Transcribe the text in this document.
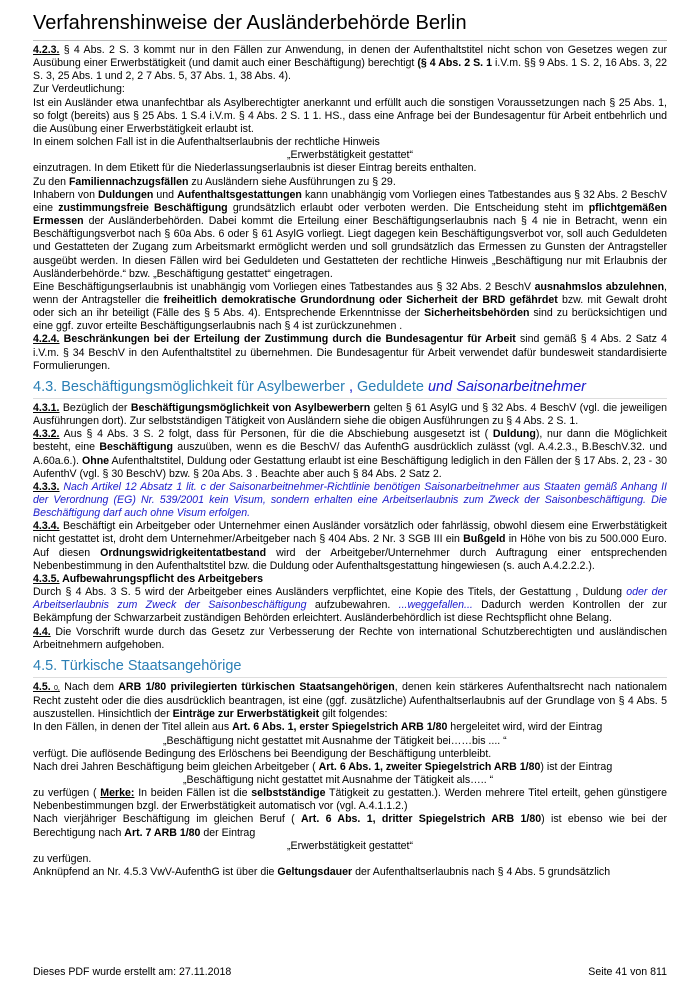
Verfahrenshinweise der Ausländerbehörde Berlin

4.2.3. § 4 Abs. 2 S. 3 kommt nur in den Fällen zur Anwendung, in denen der Aufenthaltstitel nicht schon von Gesetzes wegen zur Ausübung einer Erwerbstätigkeit (und damit auch einer Beschäftigung) berechtigt (§ 4 Abs. 2 S. 1 i.V.m. §§ 9 Abs. 1 S. 2, 16 Abs. 3, 22 S. 3, 25 Abs. 1 und 2, 2 7 Abs. 5, 37 Abs. 1, 38 Abs. 4).

Zur Verdeutlichung:

Ist ein Ausländer etwa unanfechtbar als Asylberechtigter anerkannt und erfüllt auch die sonstigen Voraussetzungen nach § 25 Abs. 1, so folgt (bereits) aus § 25 Abs. 1 S.4 i.V.m. § 4 Abs. 2 S. 1 1. HS., dass eine Anfrage bei der Bundesagentur für Arbeit entbehrlich und die Ausübung einer Erwerbstätigkeit erlaubt ist.

In einem solchen Fall ist in die Aufenthaltserlaubnis der rechtliche Hinweis

„Erwerbstätigkeit gestattet“

einzutragen. In dem Etikett für die Niederlassungserlaubnis ist dieser Eintrag bereits enthalten.

Zu den Familiennachzugsfällen zu Ausländern siehe Ausführungen zu § 29.

Inhabern von Duldungen und Aufenthaltsgestattungen kann unabhängig vom Vorliegen eines Tatbestandes aus § 32 Abs. 2 BeschV eine zustimmungsfreie Beschäftigung grundsätzlich erlaubt oder verboten werden. Die Entscheidung steht im pflichtgemäßen Ermessen der Ausländerbehörden. Dabei kommt die Erteilung einer Beschäftigungserlaubnis nach § 4 nie in Betracht, wenn ein Beschäftigungsverbot nach § 60a Abs. 6 oder § 61 AsylG vorliegt. Liegt dagegen kein Beschäftigungsverbot vor, soll auch Geduldeten und Gestatteten der Zugang zum Arbeitsmarkt ermöglicht werden und soll grundsätzlich das Ermessen zu Gunsten der Antragsteller ausgeübt werden. In diesen Fällen wird bei Geduldeten und Gestatteten der rechtliche Hinweis „Beschäftigung nur mit Erlaubnis der Ausländerbehörde.“ bzw. „Beschäftigung gestattet“ eingetragen.

Eine Beschäftigungserlaubnis ist unabhängig vom Vorliegen eines Tatbestandes aus § 32 Abs. 2 BeschV ausnahmslos abzulehnen, wenn der Antragsteller die freiheitlich demokratische Grundordnung oder Sicherheit der BRD gefährdet bzw. mit Gewalt droht oder sich an ihr beteiligt (Fälle des § 5 Abs. 4). Entsprechende Erkenntnisse der Sicherheitsbehörden sind zu berücksichtigen und eine ggf. zuvor erteilte Beschäftigungserlaubnis nach § 4 ist zurückzunehmen .

4.2.4. Beschränkungen bei der Erteilung der Zustimmung durch die Bundesagentur für Arbeit sind gemäß § 4 Abs. 2 Satz 4 i.V.m. § 34 BeschV in den Aufenthaltstitel zu übernehmen. Die Bundesagentur für Arbeit verwendet dafür bundesweit standardisierte Formulierungen.

4.3. Beschäftigungsmöglichkeit für Asylbewerber , Geduldete und Saisonarbeitnehmer

4.3.1. Bezüglich der Beschäftigungsmöglichkeit von Asylbewerbern gelten § 61 AsylG und § 32 Abs. 4 BeschV (vgl. die jeweiligen Ausführungen dort). Zur selbstständigen Tätigkeit von Ausländern siehe die obigen Ausführungen zu § 4 Abs. 2 S. 1.

4.3.2. Aus § 4 Abs. 3 S. 2 folgt, dass für Personen, für die die Abschiebung ausgesetzt ist ( Duldung), nur dann die Möglichkeit besteht, eine Beschäftigung auszuüben, wenn es die BeschV/ das AufenthG ausdrücklich zulässt (vgl. A.4.2.3., B.BeschV.32. und A.60a.6.). Ohne Aufenthaltstitel, Duldung oder Gestattung erlaubt ist eine Beschäftigung lediglich in den Fällen der § 17 Abs. 2, 23 - 30 AufenthV (vgl. § 30 BeschV) bzw. § 20a Abs. 3 . Beachte aber auch § 84 Abs. 2 Satz 2.

4.3.3. Nach Artikel 12 Absatz 1 lit. c der Saisonarbeitnehmer-Richtlinie benötigen Saisonarbeitnehmer aus Staaten gemäß Anhang II der Verordnung (EG) Nr. 539/2001 kein Visum, sondern erhalten eine Arbeitserlaubnis zum Zweck der Saisonbeschäftigung. Die Beschäftigung darf auch ohne Visum erfolgen.

4.3.4. Beschäftigt ein Arbeitgeber oder Unternehmer einen Ausländer vorsätzlich oder fahrlässig, obwohl diesem eine Erwerbstätigkeit nicht gestattet ist, droht dem Unternehmer/Arbeitgeber nach § 404 Abs. 2 Nr. 3 SGB III ein Bußgeld in Höhe von bis zu 500.000 Euro. Auf diesen Ordnungswidrigkeitentatbestand wird der Arbeitgeber/Unternehmer durch Auftragung einer entsprechenden Nebenbestimmung in den Aufenthaltstitel bzw. die Duldung oder Aufenthaltsgestattung hingewiesen (s. auch A.4.2.2.2.).

4.3.5. Aufbewahrungspflicht des Arbeitgebers

Durch § 4 Abs. 3 S. 5 wird der Arbeitgeber eines Ausländers verpflichtet, eine Kopie des Titels, der Gestattung , Duldung oder der Arbeitserlaubnis zum Zweck der Saisonbeschäftigung aufzubewahren. ...weggefallen... Dadurch werden Kontrollen der zur Bekämpfung der Schwarzarbeit zuständigen Behörden erleichtert. Ausländerbehördlich ist diese Rechtspflicht ohne Belang.

4.4. Die Vorschrift wurde durch das Gesetz zur Verbesserung der Rechte von international Schutzberechtigten und ausländischen Arbeitnehmern aufgehoben.

4.5. Türkische Staatsangehörige

4.5. 0, Nach dem ARB 1/80 privilegierten türkischen Staatsangehörigen, denen kein stärkeres Aufenthaltsrecht nach nationalem Recht zusteht oder die dies ausdrücklich beantragen, ist eine (ggf. zusätzliche) Aufenthaltserlaubnis auf der Grundlage von § 4 Abs. 5 auszustellen. Hinsichtlich der Einträge zur Erwerbstätigkeit gilt folgendes:

In den Fällen, in denen der Titel allein aus Art. 6 Abs. 1, erster Spiegelstrich ARB 1/80 hergeleitet wird, wird der Eintrag

„Beschäftigung nicht gestattet mit Ausnahme der Tätigkeit bei……bis .... “

verfügt. Die auflösende Bedingung des Erlöschens bei Beendigung der Beschäftigung unterbleibt.

Nach drei Jahren Beschäftigung beim gleichen Arbeitgeber ( Art. 6 Abs. 1, zweiter Spiegelstrich ARB 1/80) ist der Eintrag

„Beschäftigung nicht gestattet mit Ausnahme der Tätigkeit als….. “

zu verfügen ( Merke: In beiden Fällen ist die selbstständige Tätigkeit zu gestatten.). Werden mehrere Titel erteilt, gehen günstigere Nebenbestimmungen bzgl. der Erwerbstätigkeit automatisch vor (vgl. A.4.1.1.2.)

Nach vierjähriger Beschäftigung im gleichen Beruf ( Art. 6 Abs. 1, dritter Spiegelstrich ARB 1/80) ist ebenso wie bei der Berechtigung nach Art. 7 ARB 1/80 der Eintrag

„Erwerbstätigkeit gestattet“

zu verfügen.

Anknüpfend an Nr. 4.5.3 VwV-AufenthG ist über die Geltungsdauer der Aufenthaltserlaubnis nach § 4 Abs. 5 grundsätzlich

Dieses PDF wurde erstellt am: 27.11.2018	Seite 41 von 811
